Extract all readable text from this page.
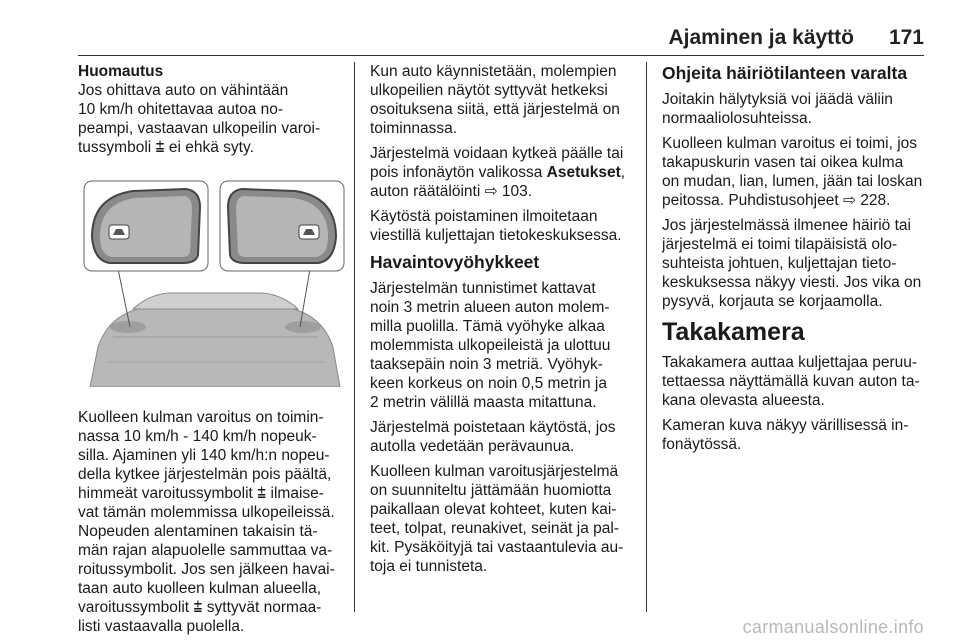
Ajaminen ja käyttö 171

Huomautus

Jos ohittava auto on vähintään
10 km/h ohitettavaa autoa no-
peampi, vastaavan ulkopeilin varoi-
tussymboli ⩲ ei ehkä syty.

Kuolleen kulman varoitus on toimin-
nassa 10 km/h - 140 km/h nopeuk-
silla. Ajaminen yli 140 km/h:n nopeu-
della kytkee järjestelmän pois päältä,
himmeät varoitussymbolit ⩲ ilmaise-
vat tämän molemmissa ulkopeileissä.
Nopeuden alentaminen takaisin tä-
män rajan alapuolelle sammuttaa va-
roitussymbolit. Jos sen jälkeen havai-
taan auto kuolleen kulman alueella,
varoitussymbolit ⩲ syttyvät normaa-
listi vastaavalla puolella.

Kun auto käynnistetään, molempien
ulkopeilien näytöt syttyvät hetkeksi
osoituksena siitä, että järjestelmä on
toiminnassa.

Järjestelmä voidaan kytkeä päälle tai
pois infonäytön valikossa Asetukset,
auton räätälöinti ⇨ 103.

Käytöstä poistaminen ilmoitetaan
viestillä kuljettajan tietokeskuksessa.

Havaintovyöhykkeet

Järjestelmän tunnistimet kattavat
noin 3 metrin alueen auton molem-
milla puolilla. Tämä vyöhyke alkaa
molemmista ulkopeileistä ja ulottuu
taaksepäin noin 3 metriä. Vyöhyk-
keen korkeus on noin 0,5 metrin ja
2 metrin välillä maasta mitattuna.

Järjestelmä poistetaan käytöstä, jos
autolla vedetään perävaunua.

Kuolleen kulman varoitusjärjestelmä
on suunniteltu jättämään huomiotta
paikallaan olevat kohteet, kuten kai-
teet, tolpat, reunakivet, seinät ja pal-
kit. Pysäköityjä tai vastaantulevia au-
toja ei tunnisteta.

Ohjeita häiriötilanteen varalta

Joitakin hälytyksiä voi jäädä väliin
normaaliolosuhteissa.

Kuolleen kulman varoitus ei toimi, jos
takapuskurin vasen tai oikea kulma
on mudan, lian, lumen, jään tai loskan
peitossa. Puhdistusohjeet ⇨ 228.

Jos järjestelmässä ilmenee häiriö tai
järjestelmä ei toimi tilapäisistä olo-
suhteista johtuen, kuljettajan tieto-
keskuksessa näkyy viesti. Jos vika on
pysyvä, korjauta se korjaamolla.

Takakamera

Takakamera auttaa kuljettajaa peruu-
tettaessa näyttämällä kuvan auton ta-
kana olevasta alueesta.

Kameran kuva näkyy värillisessä in-
fonäytössä.

carmanualsonline.info
